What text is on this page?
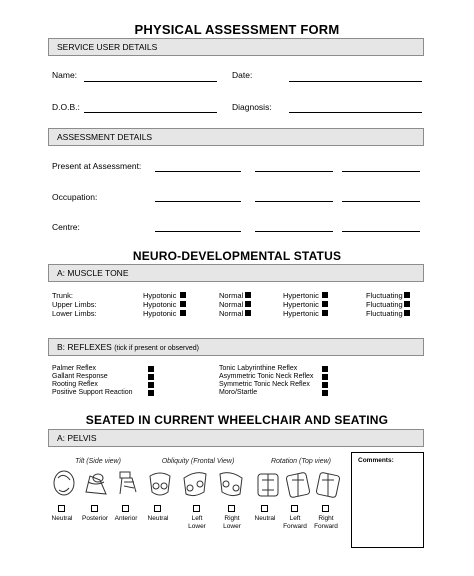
PHYSICAL ASSESSMENT FORM
SERVICE USER DETAILS
Name:	Date:
D.O.B.:	Diagnosis:
ASSESSMENT DETAILS
Present at Assessment:
Occupation:
Centre:
NEURO-DEVELOPMENTAL STATUS
A: MUSCLE TONE
Trunk:	Hypotonic	Normal	Hypertonic	Fluctuating
Upper Limbs:	Hypotonic	Normal	Hypertonic	Fluctuating
Lower Limbs:	Hypotonic	Normal	Hypertonic	Fluctuating
B: REFLEXES (tick if present or observed)
Palmer Reflex
Gallant Response
Rooting Reflex
Positive Support Reaction
Tonic Labyrinthine Reflex
Asymmetric Tonic Neck Reflex
Symmetric Tonic Neck Reflex
Moro/Startle
SEATED IN CURRENT WHEELCHAIR AND SEATING
A: PELVIS
Tilt (Side view)
Neutral	Posterior	Anterior
Obliquity (Frontal View)
Neutral	Left
Lower
Right
Lower
Rotation (Top view)
Neutral	Left
Forward
Right
Forward
Comments:
